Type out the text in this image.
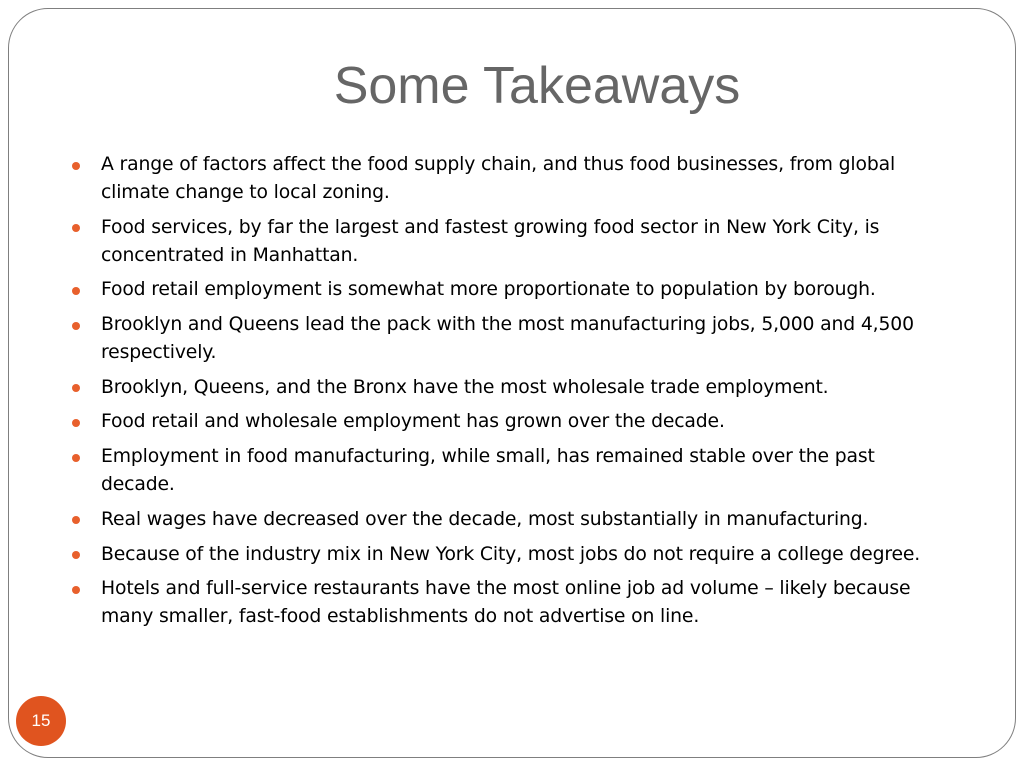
Some Takeaways
A range of factors affect the food supply chain, and thus food businesses, from global climate change to local zoning.
Food services, by far the largest and fastest growing food sector in New York City, is concentrated in Manhattan.
Food retail employment is somewhat more proportionate to population by borough.
Brooklyn and Queens lead the pack with the most manufacturing jobs, 5,000 and 4,500 respectively.
Brooklyn, Queens, and the Bronx have the most wholesale trade employment.
Food retail and wholesale employment has grown over the decade.
Employment in food manufacturing, while small, has remained stable over the past decade.
Real wages have decreased over the decade, most substantially in manufacturing.
Because of the industry mix in New York City, most jobs do not require a college degree.
Hotels and full-service restaurants have the most online job ad volume – likely because many smaller, fast-food establishments do not advertise on line.
15
